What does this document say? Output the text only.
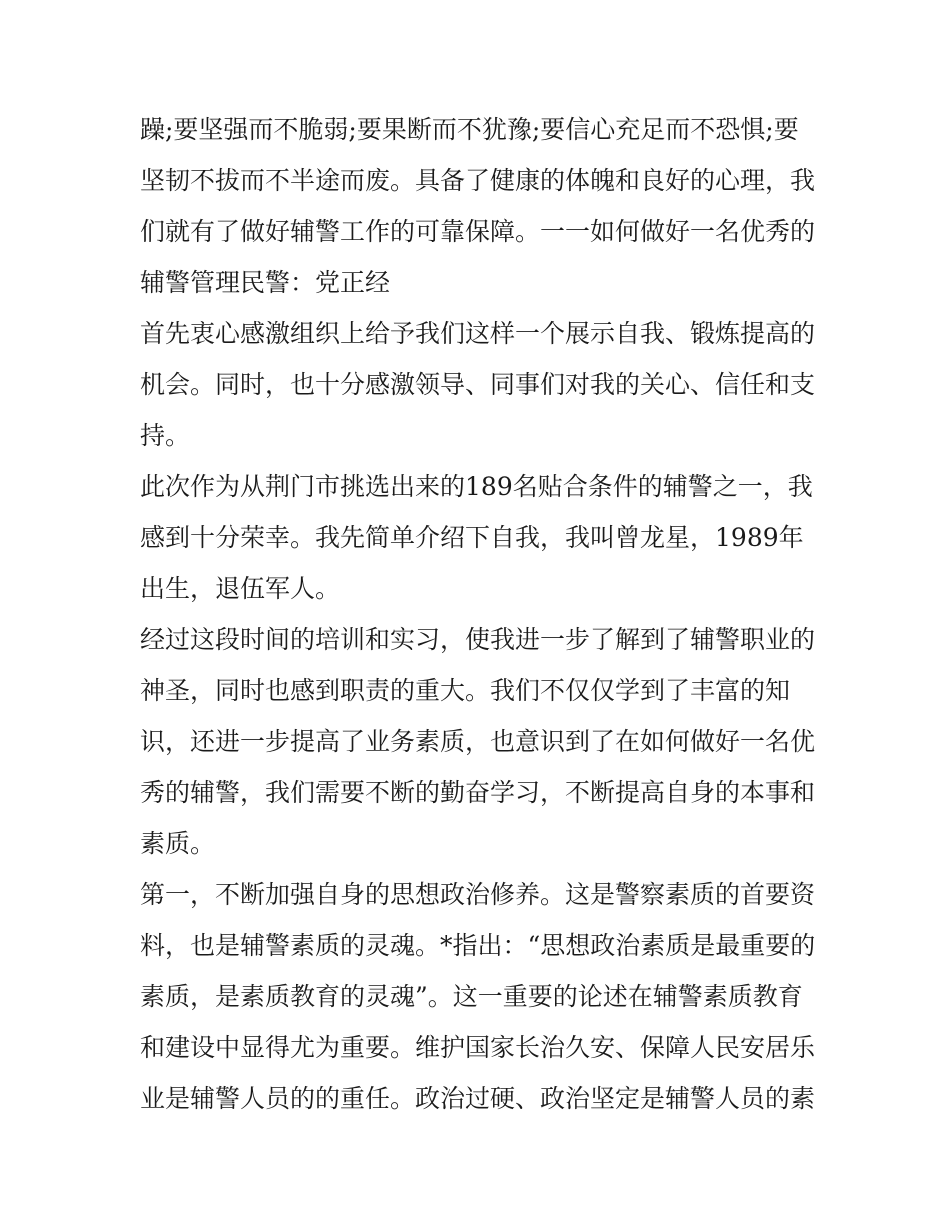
躁;要坚强而不脆弱;要果断而不犹豫;要信心充足而不恐惧;要
坚韧不拔而不半途而废。具备了健康的体魄和良好的心理，我
们就有了做好辅警工作的可靠保障。一一如何做好一名优秀的
辅警管理民警：党正经
首先衷心感激组织上给予我们这样一个展示自我、锻炼提高的
机会。同时，也十分感激领导、同事们对我的关心、信任和支
持。
此次作为从荆门市挑选出来的189名贴合条件的辅警之一，我
感到十分荣幸。我先简单介绍下自我，我叫曾龙星，1989年
出生，退伍军人。
经过这段时间的培训和实习，使我进一步了解到了辅警职业的
神圣，同时也感到职责的重大。我们不仅仅学到了丰富的知
识，还进一步提高了业务素质，也意识到了在如何做好一名优
秀的辅警，我们需要不断的勤奋学习，不断提高自身的本事和
素质。
第一，不断加强自身的思想政治修养。这是警察素质的首要资
料，也是辅警素质的灵魂。*指出：“思想政治素质是最重要的
素质，是素质教育的灵魂”。这一重要的论述在辅警素质教育
和建设中显得尤为重要。维护国家长治久安、保障人民安居乐
业是辅警人员的的重任。政治过硬、政治坚定是辅警人员的素
